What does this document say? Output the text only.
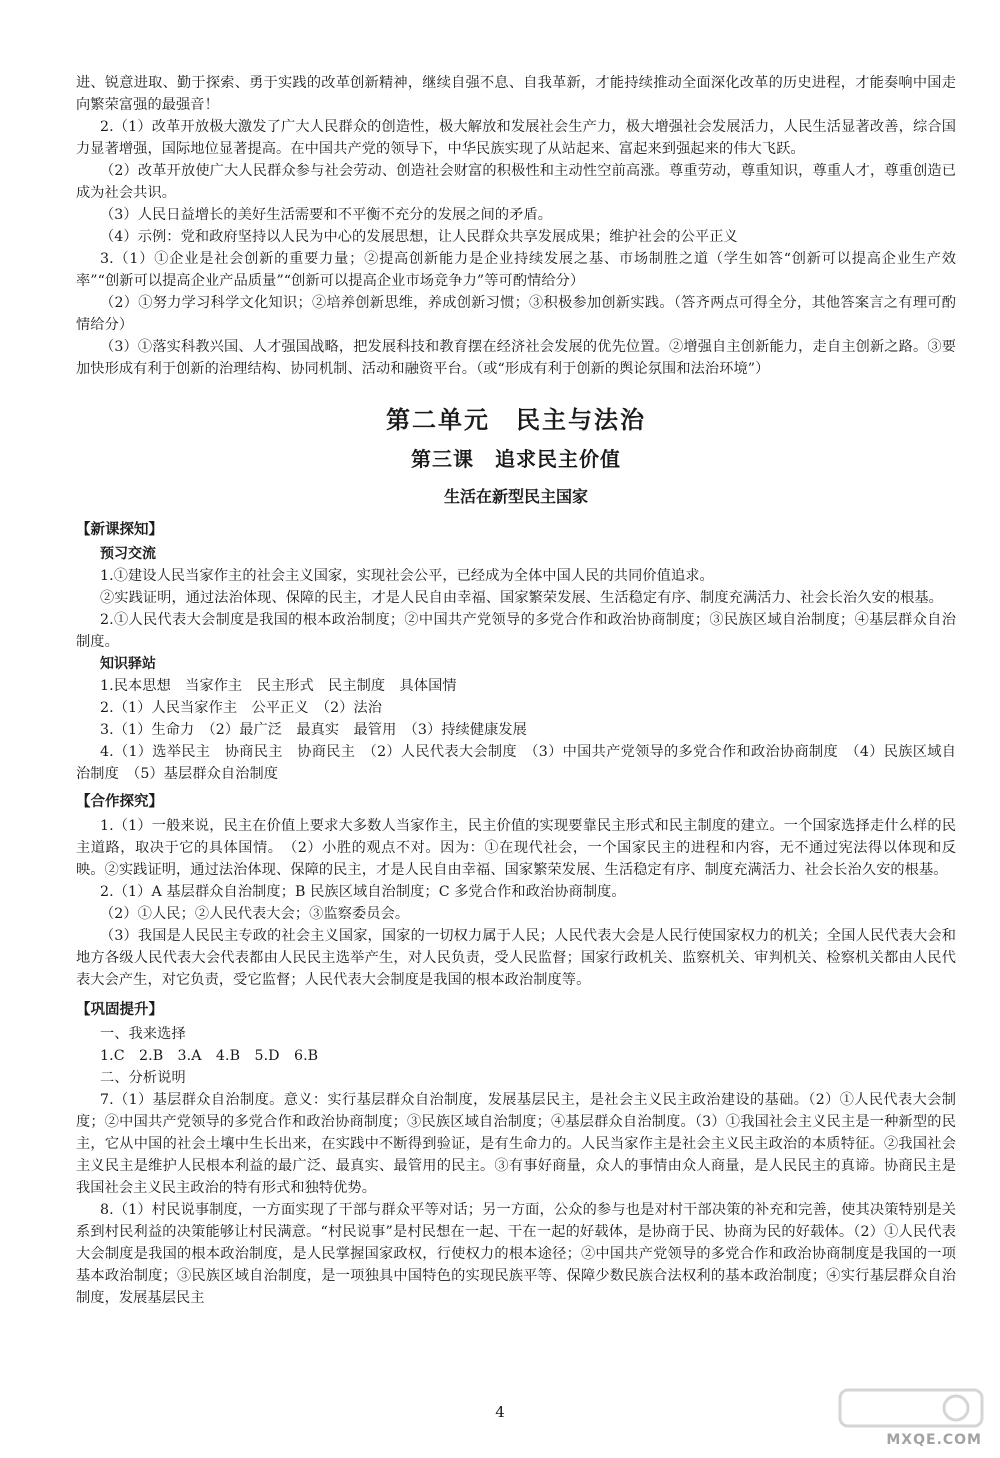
进、锐意进取、勤于探索、勇于实践的改革创新精神，继续自强不息、自我革新，才能持续推动全面深化改革的历史进程，才能奏响中国走向繁荣富强的最强音！

2.（1）改革开放极大激发了广大人民群众的创造性，极大解放和发展社会生产力，极大增强社会发展活力，人民生活显著改善，综合国力显著增强，国际地位显著提高。在中国共产党的领导下，中华民族实现了从站起来、富起来到强起来的伟大飞跃。

（2）改革开放使广大人民群众参与社会劳动、创造社会财富的积极性和主动性空前高涨。尊重劳动，尊重知识，尊重人才，尊重创造已成为社会共识。

（3）人民日益增长的美好生活需要和不平衡不充分的发展之间的矛盾。

（4）示例：党和政府坚持以人民为中心的发展思想，让人民群众共享发展成果；维护社会的公平正义

3.（1）①企业是社会创新的重要力量；②提高创新能力是企业持续发展之基、市场制胜之道（学生如答“创新可以提高企业生产效率”“创新可以提高企业产品质量”“创新可以提高企业市场竞争力”等可酌情给分）

（2）①努力学习科学文化知识；②培养创新思维，养成创新习惯；③积极参加创新实践。（答齐两点可得全分，其他答案言之有理可酌情给分）

（3）①落实科教兴国、人才强国战略，把发展科技和教育摆在经济社会发展的优先位置。②增强自主创新能力，走自主创新之路。③要加快形成有利于创新的治理结构、协同机制、活动和融资平台。（或“形成有利于创新的舆论氛围和法治环境”）

第二单元　民主与法治
第三课　追求民主价值
生活在新型民主国家
【新课探知】
预习交流

1.①建设人民当家作主的社会主义国家，实现社会公平，已经成为全体中国人民的共同价值追求。

②实践证明，通过法治体现、保障的民主，才是人民自由幸福、国家繁荣发展、生活稳定有序、制度充满活力、社会长治久安的根基。

2.①人民代表大会制度是我国的根本政治制度；②中国共产党领导的多党合作和政治协商制度；③民族区域自治制度；④基层群众自治制度。

知识驿站

1.民本思想　当家作主　民主形式　民主制度　具体国情

2.（1）人民当家作主　公平正义　（2）法治

3.（1）生命力　（2）最广泛　最真实　最管用　（3）持续健康发展

4.（1）选举民主　协商民主　协商民主　（2）人民代表大会制度　（3）中国共产党领导的多党合作和政治协商制度　（4）民族区域自治制度　（5）基层群众自治制度

【合作探究】

1.（1）一般来说，民主在价值上要求大多数人当家作主，民主价值的实现要靠民主形式和民主制度的建立。一个国家选择走什么样的民主道路，取决于它的具体国情。　（2）小胜的观点不对。因为：①在现代社会，一个国家民主的进程和内容，无不通过宪法得以体现和反映。②实践证明，通过法治体现、保障的民主，才是人民自由幸福、国家繁荣发展、生活稳定有序、制度充满活力、社会长治久安的根基。

2.（1）A 基层群众自治制度；B 民族区域自治制度；C 多党合作和政治协商制度。

（2）①人民；②人民代表大会；③监察委员会。

（3）我国是人民民主专政的社会主义国家，国家的一切权力属于人民；人民代表大会是人民行使国家权力的机关；全国人民代表大会和地方各级人民代表大会代表都由人民民主选举产生，对人民负责，受人民监督；国家行政机关、监察机关、审判机关、检察机关都由人民代表大会产生，对它负责，受它监督；人民代表大会制度是我国的根本政治制度等。

【巩固提升】

一、我来选择

1.C　2.B　3.A　4.B　5.D　6.B

二、分析说明

7.（1）基层群众自治制度。意义：实行基层群众自治制度，发展基层民主，是社会主义民主政治建设的基础。（2）①人民代表大会制度；②中国共产党领导的多党合作和政治协商制度；③民族区域自治制度；④基层群众自治制度。（3）①我国社会主义民主是一种新型的民主，它从中国的社会土壤中生长出来，在实践中不断得到验证，是有生命力的。人民当家作主是社会主义民主政治的本质特征。②我国社会主义民主是维护人民根本利益的最广泛、最真实、最管用的民主。③有事好商量，众人的事情由众人商量，是人民民主的真谛。协商民主是我国社会主义民主政治的特有形式和独特优势。

8.（1）村民说事制度，一方面实现了干部与群众平等对话；另一方面，公众的参与也是对村干部决策的补充和完善，使其决策特别是关系到村民利益的决策能够让村民满意。“村民说事”是村民想在一起、干在一起的好载体，是协商于民、协商为民的好载体。（2）①人民代表大会制度是我国的根本政治制度，是人民掌握国家政权，行使权力的根本途径；②中国共产党领导的多党合作和政治协商制度是我国的一项基本政治制度；③民族区域自治制度，是一项独具中国特色的实现民族平等、保障少数民族合法权利的基本政治制度；④实行基层群众自治制度，发展基层民主

4
MXQE.COM
